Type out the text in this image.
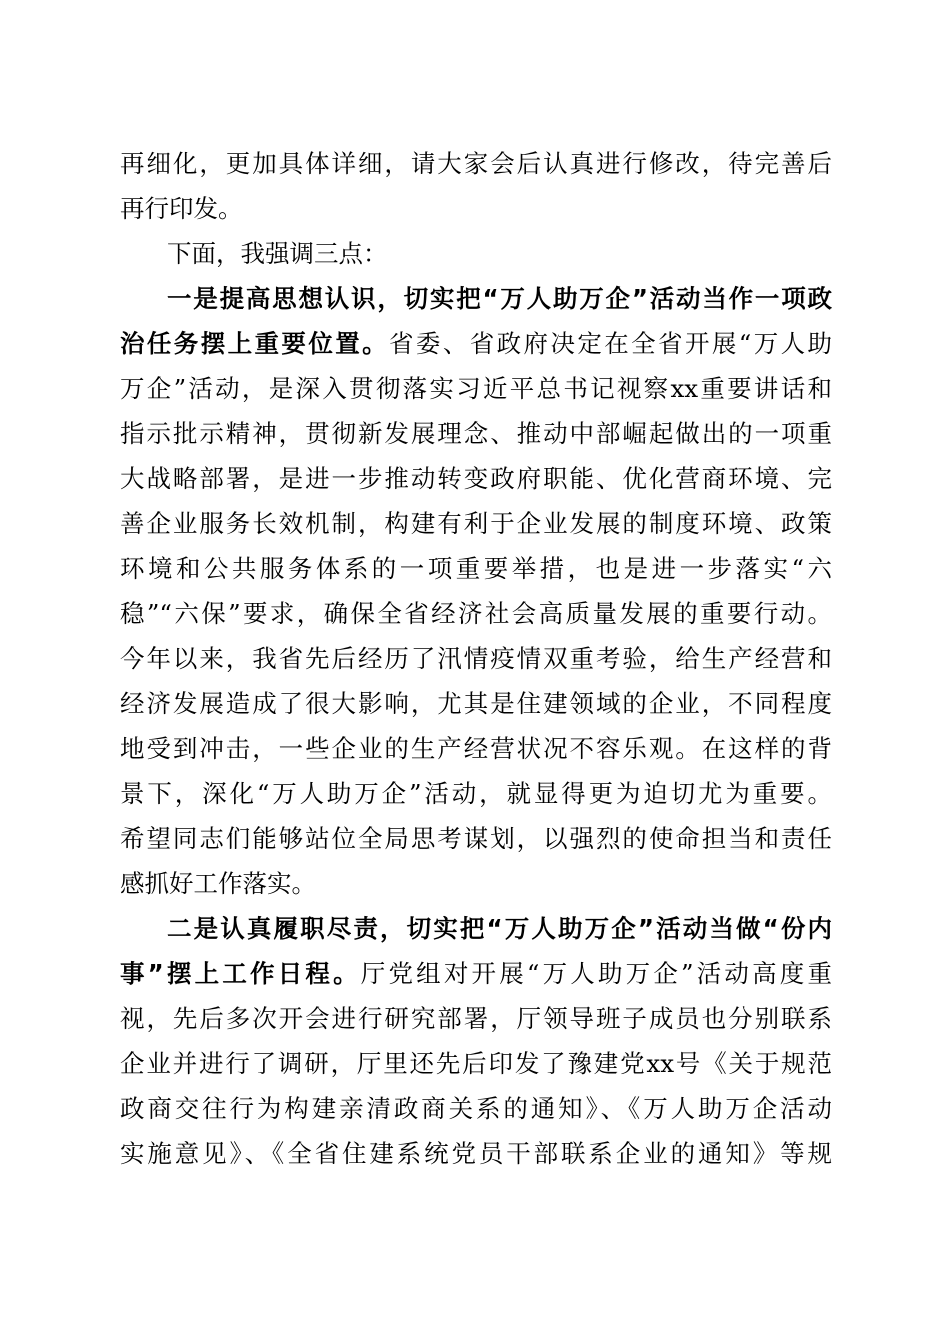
再细化，更加具体详细，请大家会后认真进行修改，待完善后
再行印发。
下面，我强调三点：
一是提高思想认识，切实把“万人助万企”活动当作一项政
治任务摆上重要位置。省委、省政府决定在全省开展“万人助
万企”活动，是深入贯彻落实习近平总书记视察xx重要讲话和
指示批示精神，贯彻新发展理念、推动中部崛起做出的一项重
大战略部署，是进一步推动转变政府职能、优化营商环境、完
善企业服务长效机制，构建有利于企业发展的制度环境、政策
环境和公共服务体系的一项重要举措，也是进一步落实“六
稳”“六保”要求，确保全省经济社会高质量发展的重要行动。
今年以来，我省先后经历了汛情疫情双重考验，给生产经营和
经济发展造成了很大影响，尤其是住建领域的企业，不同程度
地受到冲击，一些企业的生产经营状况不容乐观。在这样的背
景下，深化“万人助万企”活动，就显得更为迫切尤为重要。
希望同志们能够站位全局思考谋划，以强烈的使命担当和责任
感抓好工作落实。
二是认真履职尽责，切实把“万人助万企”活动当做“份内
事”摆上工作日程。厅党组对开展“万人助万企”活动高度重
视，先后多次开会进行研究部署，厅领导班子成员也分别联系
企业并进行了调研，厅里还先后印发了豫建党xx号《关于规范
政商交往行为构建亲清政商关系的通知》、《万人助万企活动
实施意见》、《全省住建系统党员干部联系企业的通知》等规
